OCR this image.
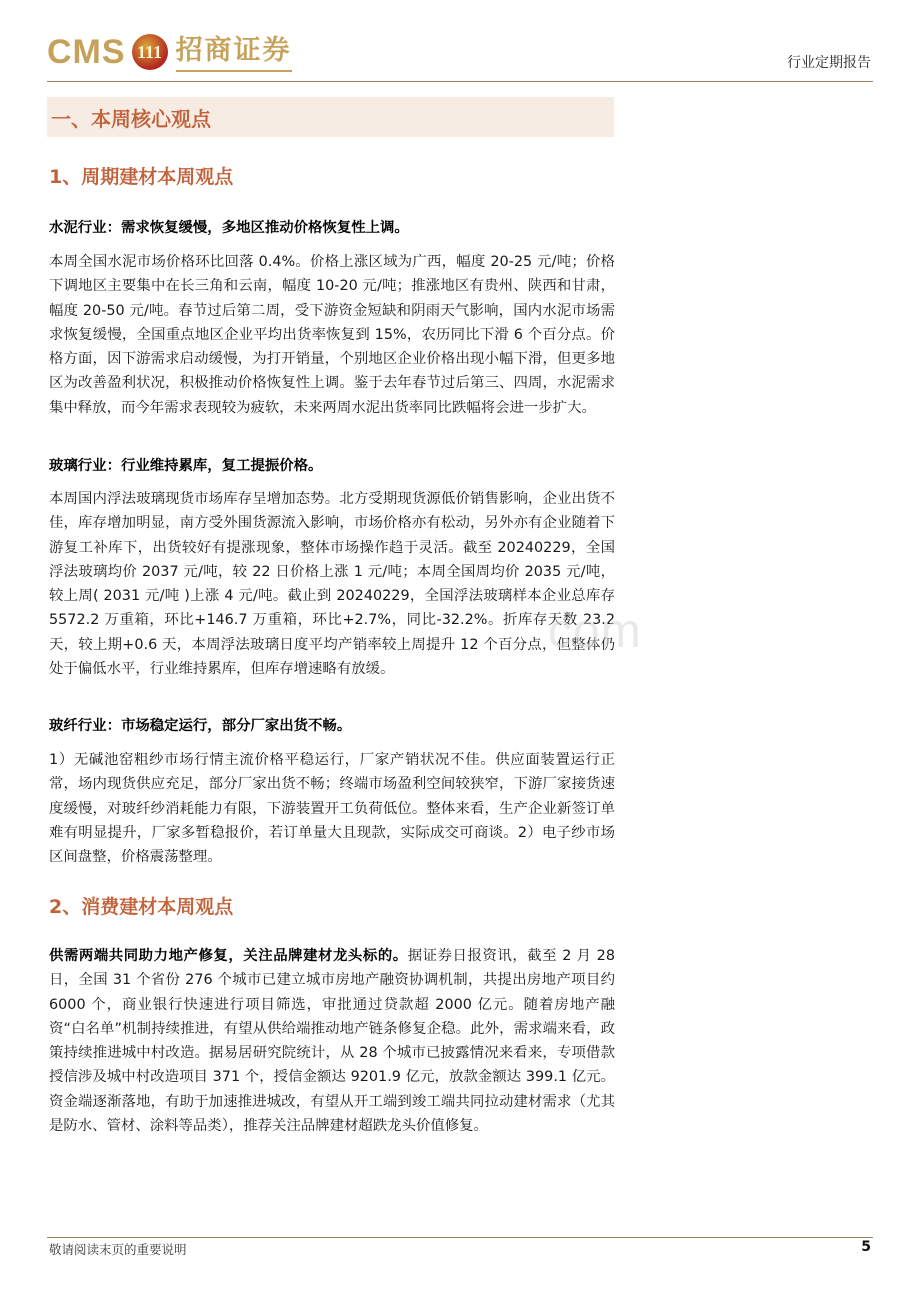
CMS 111 招商证券	行业定期报告
一、本周核心观点
1、周期建材本周观点

水泥行业：需求恢复缓慢，多地区推动价格恢复性上调。

本周全国水泥市场价格环比回落 0.4%。价格上涨区域为广西，幅度 20-25 元/吨；价格下调地区主要集中在长三角和云南，幅度 10-20 元/吨；推涨地区有贵州、陕西和甘肃，幅度 20-50 元/吨。春节过后第二周，受下游资金短缺和阴雨天气影响，国内水泥市场需求恢复缓慢，全国重点地区企业平均出货率恢复到 15%，农历同比下滑 6 个百分点。价格方面，因下游需求启动缓慢，为打开销量，个别地区企业价格出现小幅下滑，但更多地区为改善盈利状况，积极推动价格恢复性上调。鉴于去年春节过后第三、四周，水泥需求集中释放，而今年需求表现较为疲软，未来两周水泥出货率同比跌幅将会进一步扩大。

玻璃行业：行业维持累库，复工提振价格。

本周国内浮法玻璃现货市场库存呈增加态势。北方受期现货源低价销售影响，企业出货不佳，库存增加明显，南方受外围货源流入影响，市场价格亦有松动，另外亦有企业随着下游复工补库下，出货较好有提涨现象，整体市场操作趋于灵活。截至 20240229，全国浮法玻璃均价 2037 元/吨，较 22 日价格上涨 1 元/吨；本周全国周均价 2035 元/吨，较上周( 2031 元/吨 )上涨 4 元/吨。截止到 20240229，全国浮法玻璃样本企业总库存 5572.2 万重箱，环比+146.7 万重箱，环比+2.7%，同比-32.2%。折库存天数 23.2 天，较上期+0.6 天，本周浮法玻璃日度平均产销率较上周提升 12 个百分点，但整体仍处于偏低水平，行业维持累库，但库存增速略有放缓。

com

玻纤行业：市场稳定运行，部分厂家出货不畅。

1）无碱池窑粗纱市场行情主流价格平稳运行，厂家产销状况不佳。供应面装置运行正常，场内现货供应充足，部分厂家出货不畅；终端市场盈利空间较狭窄，下游厂家接货速度缓慢，对玻纤纱消耗能力有限，下游装置开工负荷低位。整体来看，生产企业新签订单难有明显提升，厂家多暂稳报价，若订单量大且现款，实际成交可商谈。2）电子纱市场区间盘整，价格震荡整理。

2、消费建材本周观点

供需两端共同助力地产修复，关注品牌建材龙头标的。据证券日报资讯，截至 2 月 28 日，全国 31 个省份 276 个城市已建立城市房地产融资协调机制，共提出房地产项目约 6000 个，商业银行快速进行项目筛选，审批通过贷款超 2000 亿元。随着房地产融资“白名单”机制持续推进，有望从供给端推动地产链条修复企稳。此外，需求端来看，政策持续推进城中村改造。据易居研究院统计，从 28 个城市已披露情况来看来，专项借款授信涉及城中村改造项目 371 个，授信金额达 9201.9 亿元，放款金额达 399.1 亿元。资金端逐渐落地，有助于加速推进城改，有望从开工端到竣工端共同拉动建材需求（尤其是防水、管材、涂料等品类），推荐关注品牌建材超跌龙头价值修复。

敬请阅读末页的重要说明	5
